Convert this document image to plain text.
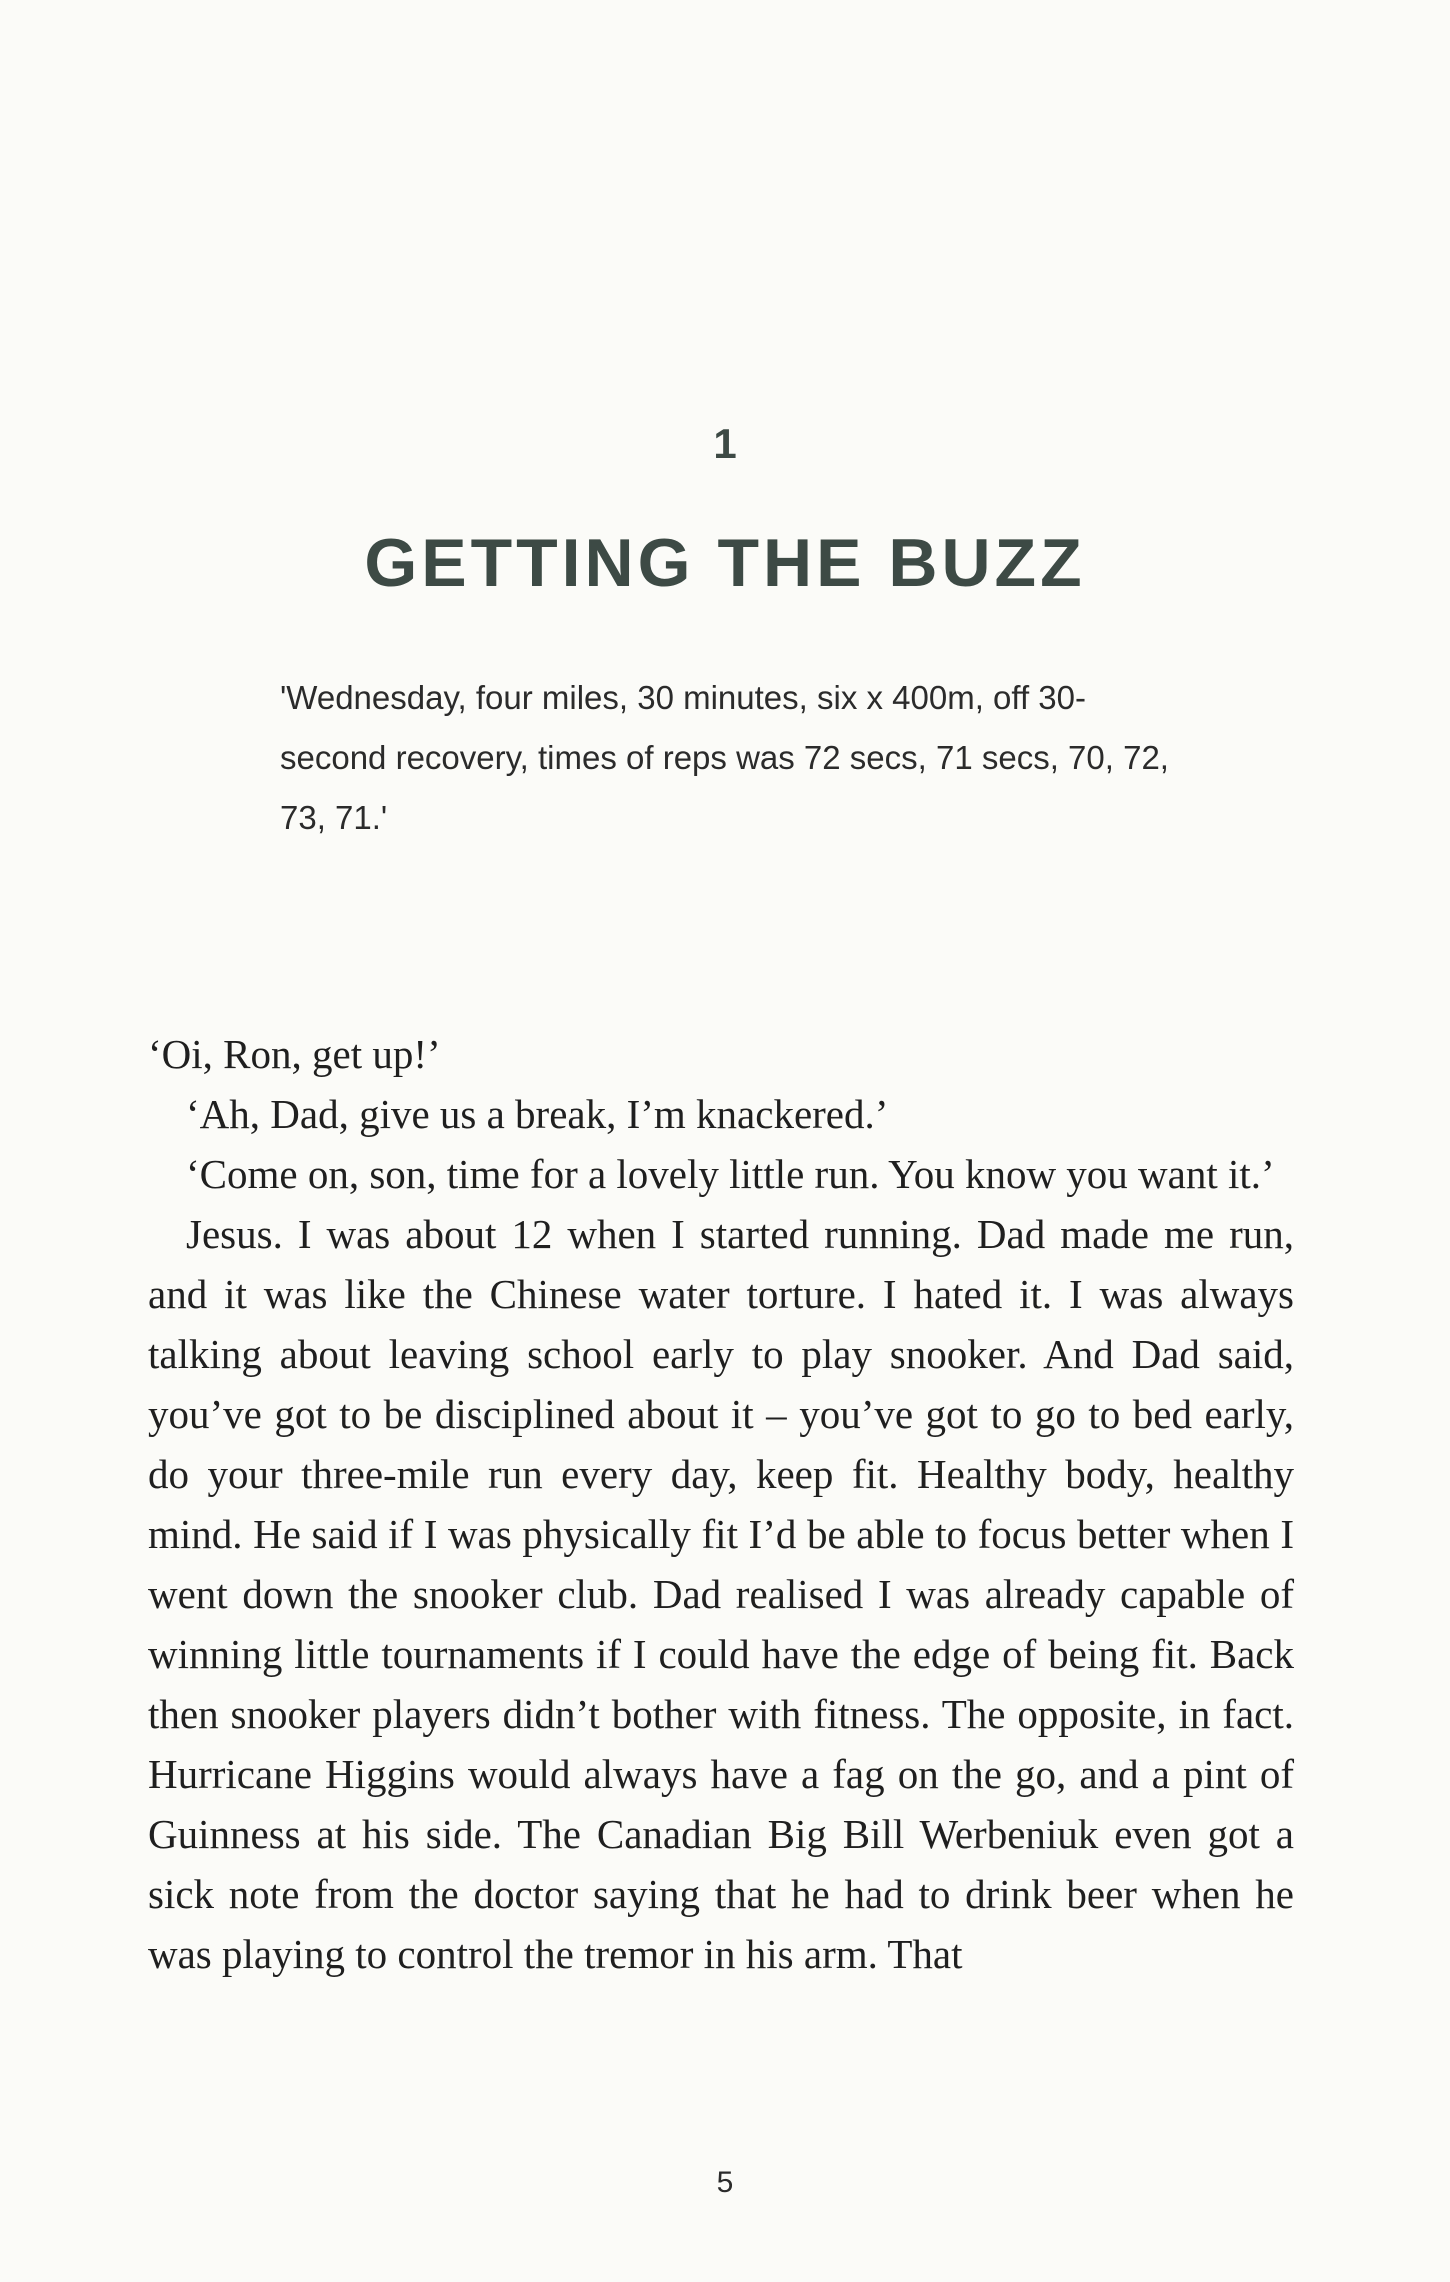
1
GETTING THE BUZZ

'Wednesday, four miles, 30 minutes, six x 400m, off 30-second recovery, times of reps was 72 secs, 71 secs, 70, 72, 73, 71.'

‘Oi, Ron, get up!’

‘Ah, Dad, give us a break, I’m knackered.’

‘Come on, son, time for a lovely little run. You know you want it.’

Jesus. I was about 12 when I started running. Dad made me run, and it was like the Chinese water torture. I hated it. I was always talking about leaving school early to play snooker. And Dad said, you’ve got to be disciplined about it – you’ve got to go to bed early, do your three-mile run every day, keep fit. Healthy body, healthy mind. He said if I was physically fit I’d be able to focus better when I went down the snooker club. Dad realised I was already capable of winning little tournaments if I could have the edge of being fit. Back then snooker players didn’t bother with fitness. The opposite, in fact. Hurricane Higgins would always have a fag on the go, and a pint of Guinness at his side. The Canadian Big Bill Werbeniuk even got a sick note from the doctor saying that he had to drink beer when he was playing to control the tremor in his arm. That

5
